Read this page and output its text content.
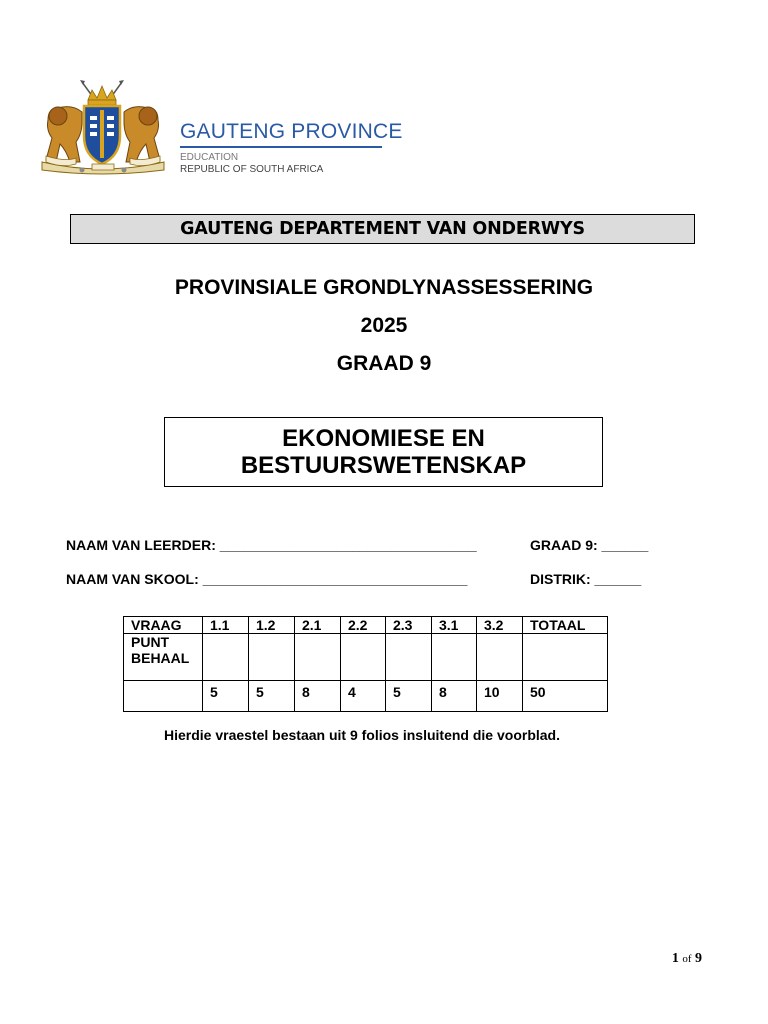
GAUTENG PROVINCE
EDUCATION
REPUBLIC OF SOUTH AFRICA
GAUTENG DEPARTEMENT VAN ONDERWYS
PROVINSIALE GRONDLYNASSESSERING
2025
GRAAD 9
EKONOMIESE EN
BESTUURSWETENSKAP
NAAM VAN LEERDER: _________________________________	GRAAD 9: ______
NAAM VAN SKOOL: __________________________________	DISTRIK: ______
VRAAG	1.1	1.2	2.1	2.2	2.3	3.1	3.2	TOTAAL
PUNT BEHAAL								
	5	5	8	4	5	8	10	50
Hierdie vraestel bestaan uit 9 folios insluitend die voorblad.
1 of 9
